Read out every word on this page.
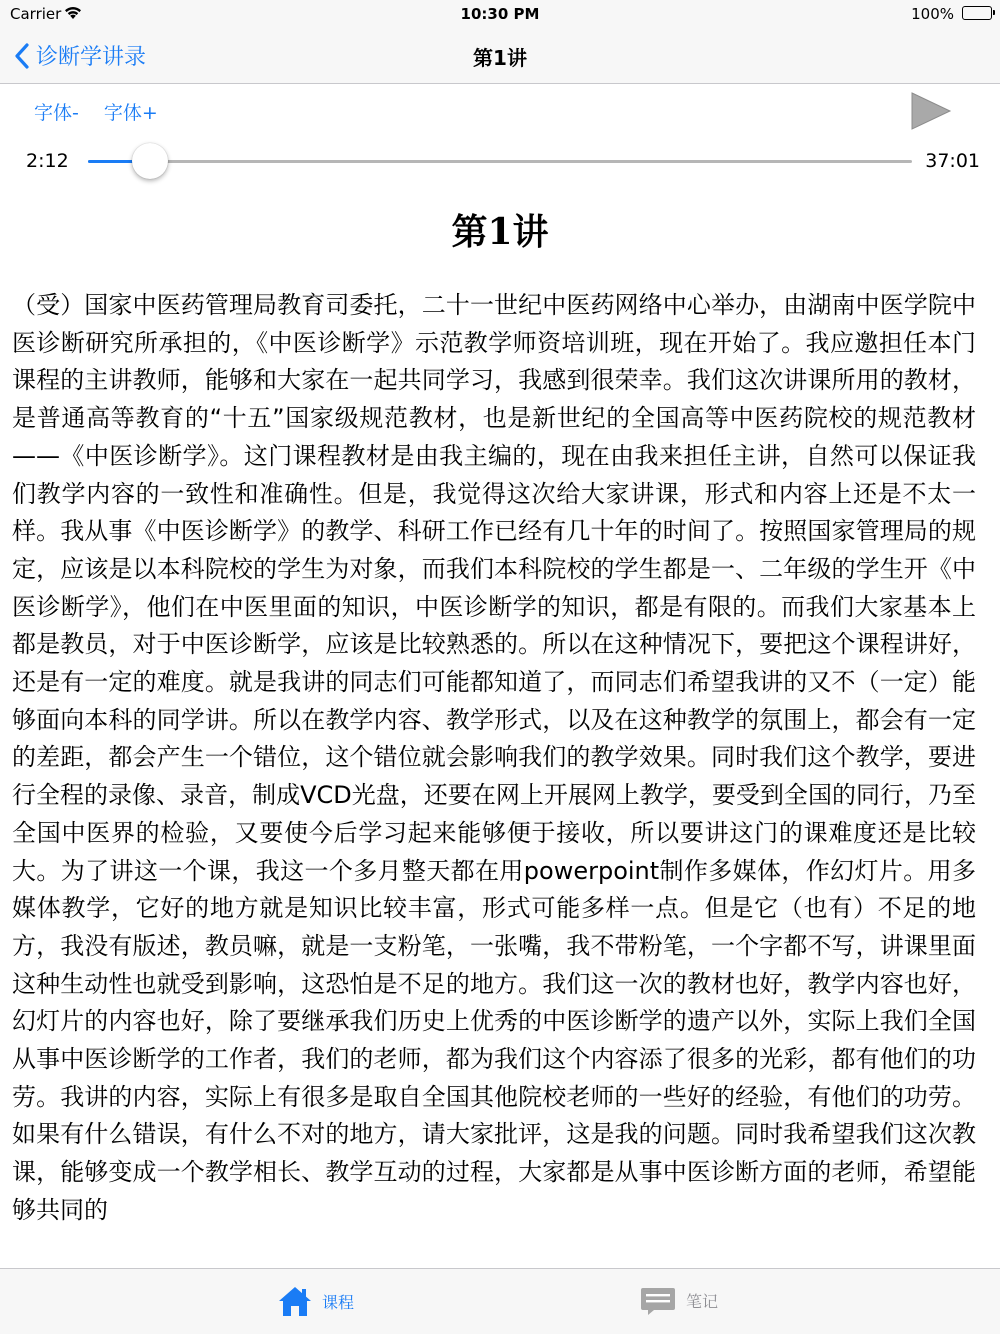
Carrier	10:30 PM	100%
诊断学讲录	第1讲
字体- 字体+
2:12	37:01
第1讲
（受）国家中医药管理局教育司委托，二十一世纪中医药网络中心举办，由湖南中医学院中医诊断研究所承担的，《中医诊断学》示范教学师资培训班，现在开始了。我应邀担任本门课程的主讲教师，能够和大家在一起共同学习，我感到很荣幸。我们这次讲课所用的教材，是普通高等教育的“十五”国家级规范教材，也是新世纪的全国高等中医药院校的规范教材——《中医诊断学》。这门课程教材是由我主编的，现在由我来担任主讲，自然可以保证我们教学内容的一致性和准确性。但是，我觉得这次给大家讲课，形式和内容上还是不太一样。我从事《中医诊断学》的教学、科研工作已经有几十年的时间了。按照国家管理局的规定，应该是以本科院校的学生为对象，而我们本科院校的学生都是一、二年级的学生开《中医诊断学》，他们在中医里面的知识，中医诊断学的知识，都是有限的。而我们大家基本上都是教员，对于中医诊断学，应该是比较熟悉的。所以在这种情况下，要把这个课程讲好，还是有一定的难度。就是我讲的同志们可能都知道了，而同志们希望我讲的又不（一定）能够面向本科的同学讲。所以在教学内容、教学形式，以及在这种教学的氛围上，都会有一定的差距，都会产生一个错位，这个错位就会影响我们的教学效果。同时我们这个教学，要进行全程的录像、录音，制成VCD光盘，还要在网上开展网上教学，要受到全国的同行，乃至全国中医界的检验，又要使今后学习起来能够便于接收，所以要讲这门的课难度还是比较大。为了讲这一个课，我这一个多月整天都在用powerpoint制作多媒体，作幻灯片。用多媒体教学，它好的地方就是知识比较丰富，形式可能多样一点。但是它（也有）不足的地方，我没有版述，教员嘛，就是一支粉笔，一张嘴，我不带粉笔，一个字都不写，讲课里面这种生动性也就受到影响，这恐怕是不足的地方。我们这一次的教材也好，教学内容也好，幻灯片的内容也好，除了要继承我们历史上优秀的中医诊断学的遗产以外，实际上我们全国从事中医诊断学的工作者，我们的老师，都为我们这个内容添了很多的光彩，都有他们的功劳。我讲的内容，实际上有很多是取自全国其他院校老师的一些好的经验，有他们的功劳。如果有什么错误，有什么不对的地方，请大家批评，这是我的问题。同时我希望我们这次教课，能够变成一个教学相长、教学互动的过程，大家都是从事中医诊断方面的老师，希望能够共同的
课程	笔记
